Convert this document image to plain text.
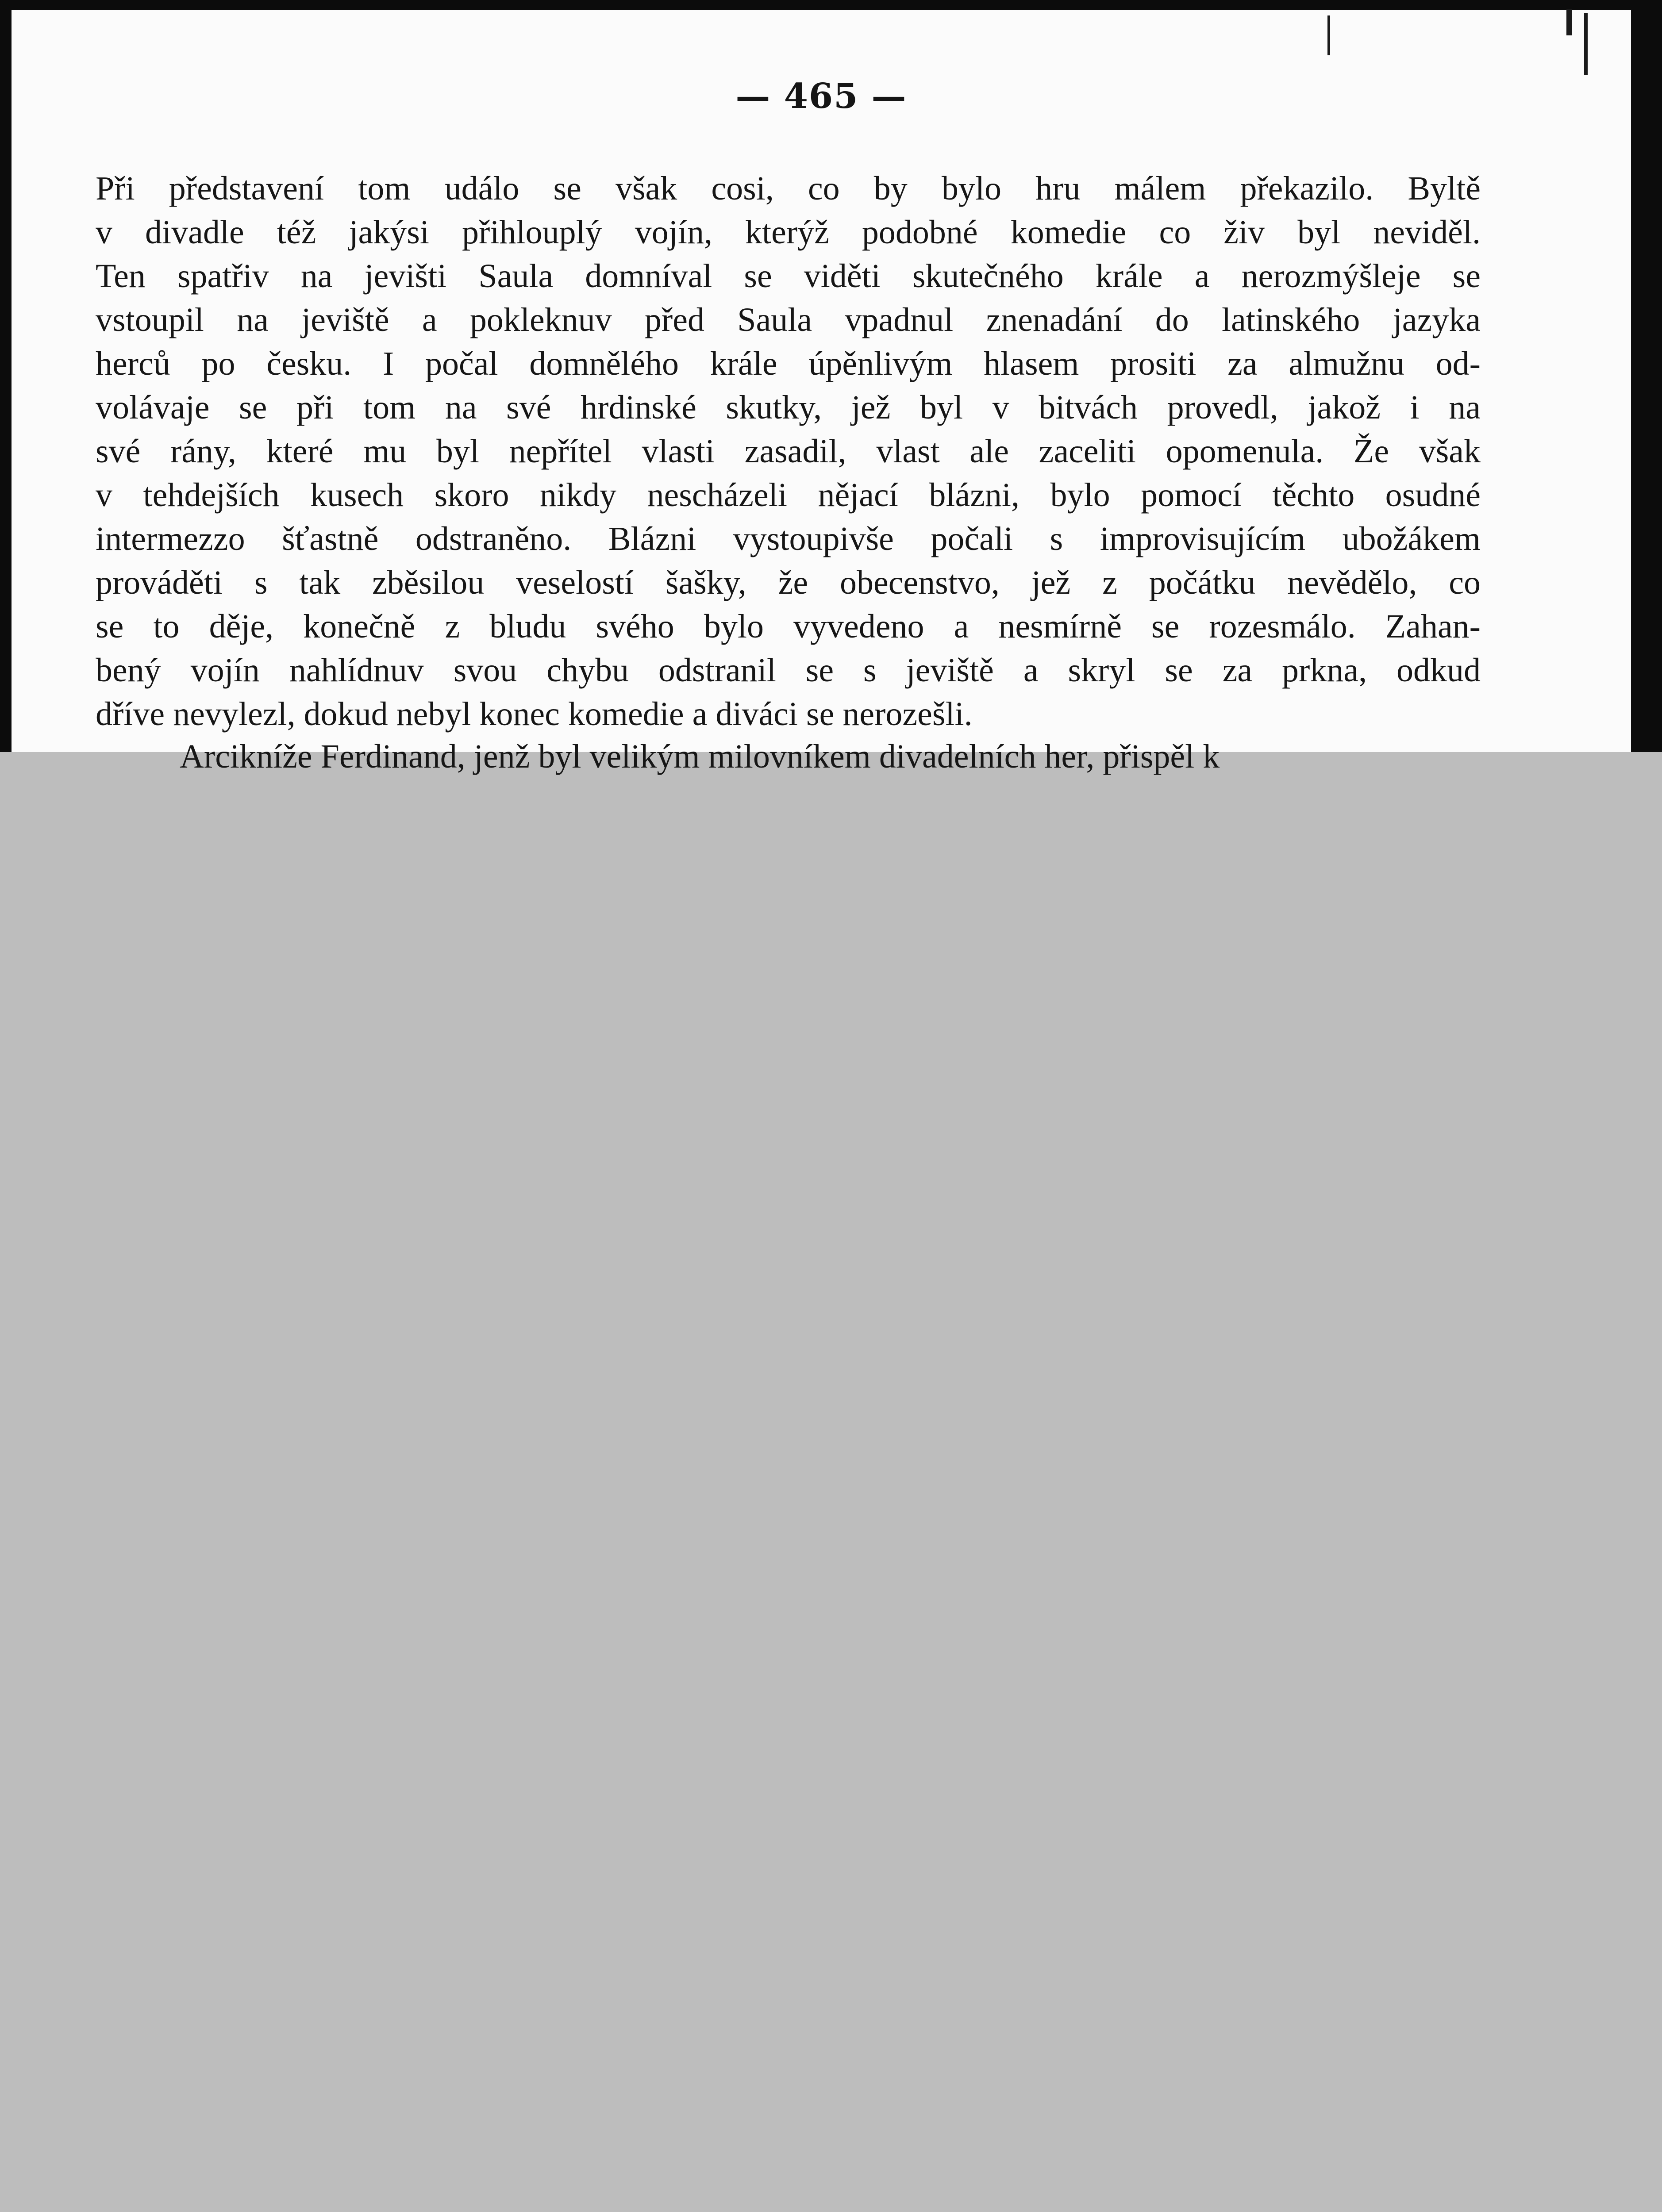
— 465 —
Při představení tom událo se však cosi, co by bylo hru málem překazilo. Byltě
v divadle též jakýsi přihlouplý vojín, kterýž podobné komedie co živ byl neviděl.
Ten spatřiv na jevišti Saula domníval se viděti skutečného krále a nerozmýšleje se
vstoupil na jeviště a pokleknuv před Saula vpadnul znenadání do latinského jazyka
herců po česku. I počal domnělého krále úpěnlivým hlasem prositi za almužnu od-
volávaje se při tom na své hrdinské skutky, jež byl v bitvách provedl, jakož i na
své rány, které mu byl nepřítel vlasti zasadil, vlast ale zaceliti opomenula. Že však
v tehdejších kusech skoro nikdy nescházeli nějací blázni, bylo pomocí těchto osudné
intermezzo šťastně odstraněno. Blázni vystoupivše počali s improvisujícím ubožákem
prováděti s tak zběsilou veselostí šašky, že obecenstvo, jež z počátku nevědělo, co
se to děje, konečně z bludu svého bylo vyvedeno a nesmírně se rozesmálo. Zahan-
bený vojín nahlídnuv svou chybu odstranil se s jeviště a skryl se za prkna, odkud
dříve nevylezl, dokud nebyl konec komedie a diváci se nerozešli.
Arcikníže Ferdinand, jenž byl velikým milovníkem divadelních her, přispěl k
